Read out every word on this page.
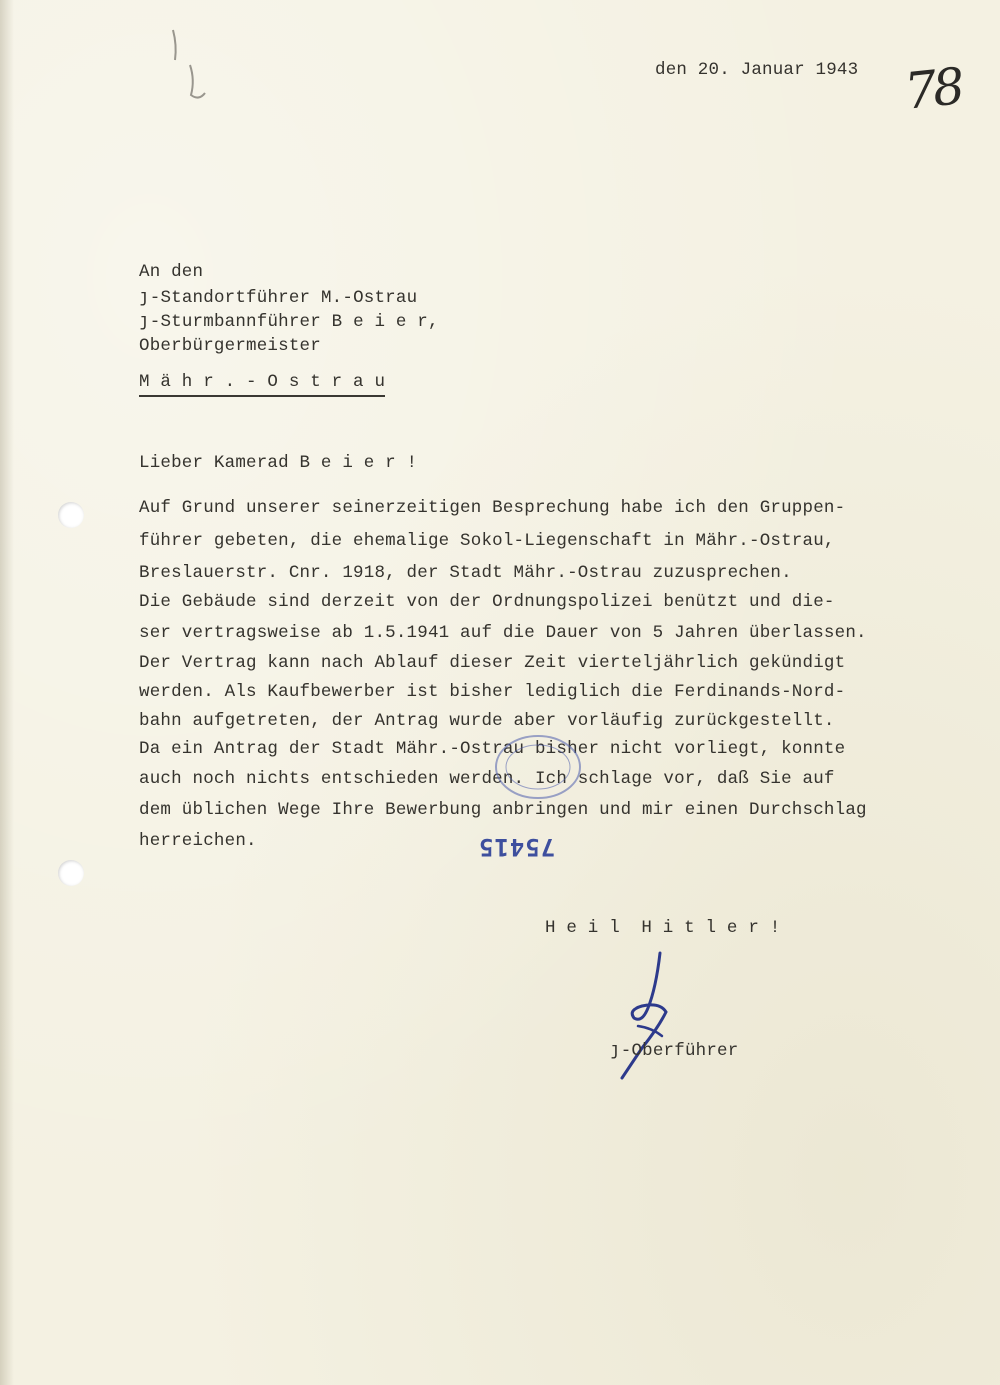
den 20. Januar 1943 78
An den
ȷ-Standortführer M.-Ostrau
ȷ-Sturmbannführer B e i e r,
Oberbürgermeister
M ä h r . - O s t r a u
Lieber Kamerad B e i e r !
Auf Grund unserer seinerzeitigen Besprechung habe ich den Gruppen-
führer gebeten, die ehemalige Sokol-Liegenschaft in Mähr.-Ostrau,
Breslauerstr. Cnr. 1918, der Stadt Mähr.-Ostrau zuzusprechen.
Die Gebäude sind derzeit von der Ordnungspolizei benützt und die-
ser vertragsweise ab 1.5.1941 auf die Dauer von 5 Jahren überlassen.
Der Vertrag kann nach Ablauf dieser Zeit vierteljährlich gekündigt
werden. Als Kaufbewerber ist bisher lediglich die Ferdinands-Nord-
bahn aufgetreten, der Antrag wurde aber vorläufig zurückgestellt.
Da ein Antrag der Stadt Mähr.-Ostrau bisher nicht vorliegt, konnte
auch noch nichts entschieden werden. Ich schlage vor, daß Sie auf
dem üblichen Wege Ihre Bewerbung anbringen und mir einen Durchschlag
herreichen.	75415
H e i l  H i t l e r !
ȷ-Oberführer
